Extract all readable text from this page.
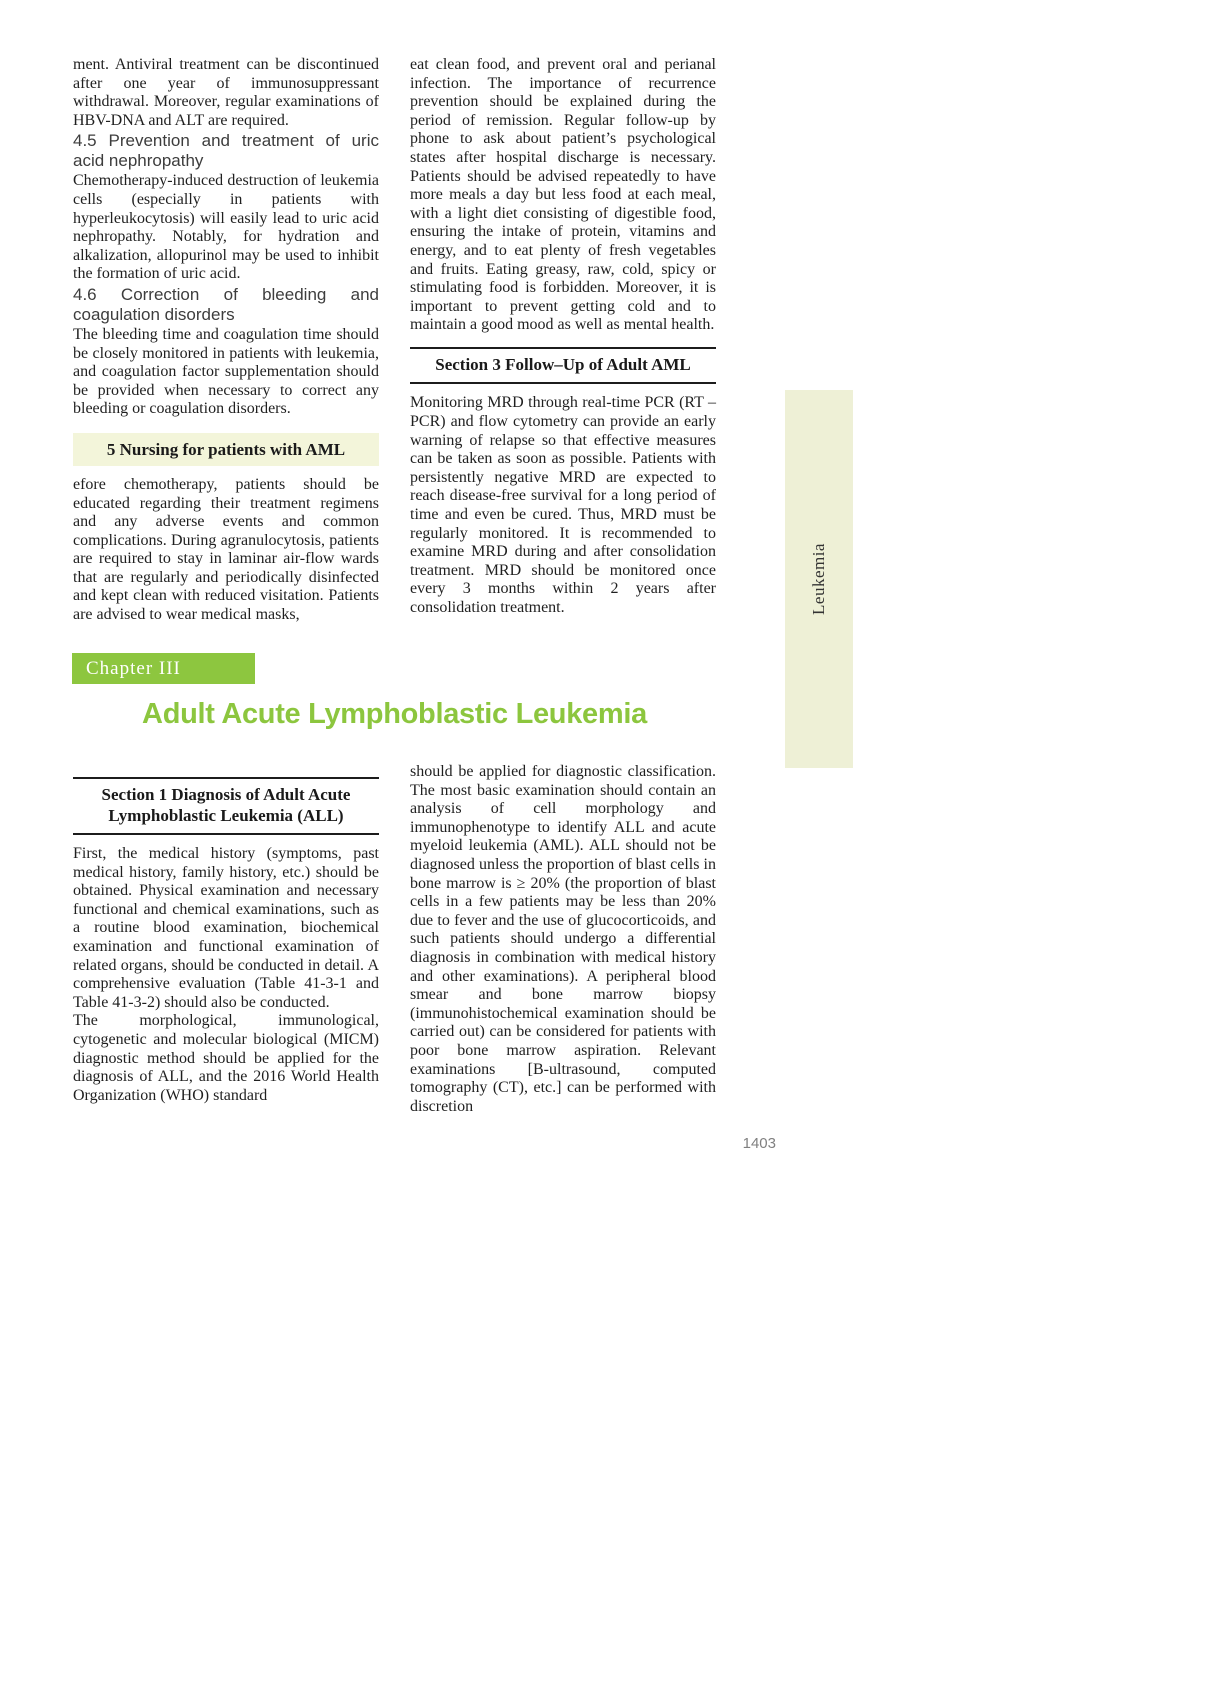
ment. Antiviral treatment can be discontinued after one year of immunosuppressant withdrawal. Moreover, regular examinations of HBV-DNA and ALT are required.

4.5 Prevention and treatment of uric acid nephropathy

Chemotherapy-induced destruction of leukemia cells (especially in patients with hyperleukocytosis) will easily lead to uric acid nephropathy. Notably, for hydration and alkalization, allopurinol may be used to inhibit the formation of uric acid.

4.6 Correction of bleeding and coagulation disorders

The bleeding time and coagulation time should be closely monitored in patients with leukemia, and coagulation factor supplementation should be provided when necessary to correct any bleeding or coagulation disorders.

5 Nursing for patients with AML

efore chemotherapy, patients should be educated regarding their treatment regimens and any adverse events and common complications. During agranulocytosis, patients are required to stay in laminar air-flow wards that are regularly and periodically disinfected and kept clean with reduced visitation. Patients are advised to wear medical masks,

eat clean food, and prevent oral and perianal infection. The importance of recurrence prevention should be explained during the period of remission. Regular follow-up by phone to ask about patient’s psychological states after hospital discharge is necessary. Patients should be advised repeatedly to have more meals a day but less food at each meal, with a light diet consisting of digestible food, ensuring the intake of protein, vitamins and energy, and to eat plenty of fresh vegetables and fruits. Eating greasy, raw, cold, spicy or stimulating food is forbidden. Moreover, it is important to prevent getting cold and to maintain a good mood as well as mental health.

Section 3 Follow–Up of Adult AML

Monitoring MRD through real-time PCR (RT – PCR) and flow cytometry can provide an early warning of relapse so that effective measures can be taken as soon as possible. Patients with persistently negative MRD are expected to reach disease-free survival for a long period of time and even be cured. Thus, MRD must be regularly monitored. It is recommended to examine MRD during and after consolidation treatment. MRD should be monitored once every 3 months within 2 years after consolidation treatment.

Chapter III
Adult Acute Lymphoblastic Leukemia
Section 1 Diagnosis of Adult Acute Lymphoblastic Leukemia (ALL)

First, the medical history (symptoms, past medical history, family history, etc.) should be obtained. Physical examination and necessary functional and chemical examinations, such as a routine blood examination, biochemical examination and functional examination of related organs, should be conducted in detail. A comprehensive evaluation (Table 41-3-1 and Table 41-3-2) should also be conducted.

The morphological, immunological, cytogenetic and molecular biological (MICM) diagnostic method should be applied for the diagnosis of ALL, and the 2016 World Health Organization (WHO) standard

should be applied for diagnostic classification. The most basic examination should contain an analysis of cell morphology and immunophenotype to identify ALL and acute myeloid leukemia (AML). ALL should not be diagnosed unless the proportion of blast cells in bone marrow is ≥ 20% (the proportion of blast cells in a few patients may be less than 20% due to fever and the use of glucocorticoids, and such patients should undergo a differential diagnosis in combination with medical history and other examinations). A peripheral blood smear and bone marrow biopsy (immunohistochemical examination should be carried out) can be considered for patients with poor bone marrow aspiration. Relevant examinations [B-ultrasound, computed tomography (CT), etc.] can be performed with discretion

Leukemia
1403
